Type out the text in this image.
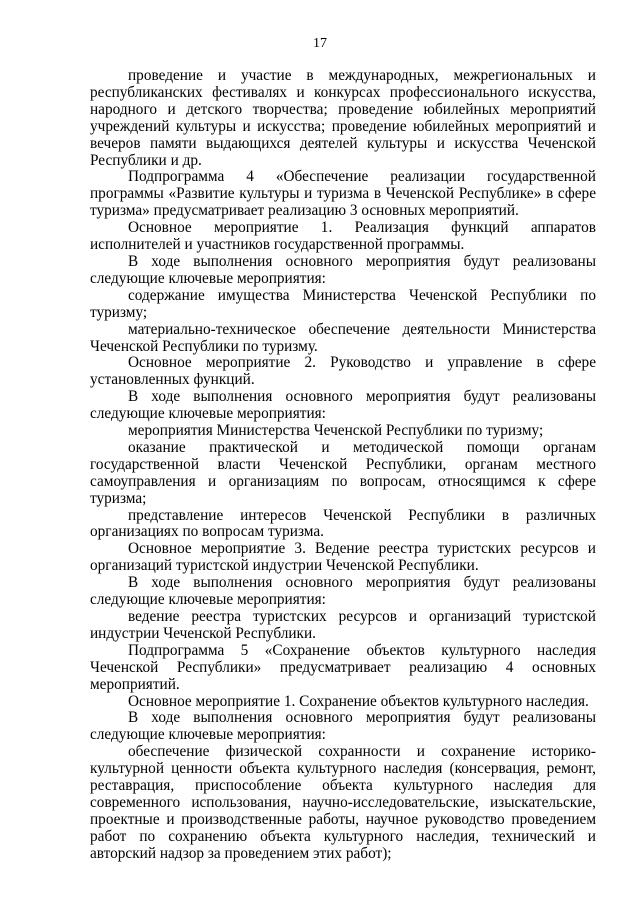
17

проведение и участие в международных, межрегиональных и республиканских фестивалях и конкурсах профессионального искусства, народного и детского творчества; проведение юбилейных мероприятий учреждений культуры и искусства; проведение юбилейных мероприятий и вечеров памяти выдающихся деятелей культуры и искусства Чеченской Республики и др.

Подпрограмма 4 «Обеспечение реализации государственной программы «Развитие культуры и туризма в Чеченской Республике» в сфере туризма» предусматривает реализацию 3 основных мероприятий.

Основное мероприятие 1. Реализация функций аппаратов исполнителей и участников государственной программы.

В ходе выполнения основного мероприятия будут реализованы следующие ключевые мероприятия:

содержание имущества Министерства Чеченской Республики по туризму;

материально-техническое обеспечение деятельности Министерства Чеченской Республики по туризму.

Основное мероприятие 2. Руководство и управление в сфере установленных функций.

В ходе выполнения основного мероприятия будут реализованы следующие ключевые мероприятия:

мероприятия Министерства Чеченской Республики по туризму;

оказание практической и методической помощи органам государственной власти Чеченской Республики, органам местного самоуправления и организациям по вопросам, относящимся к сфере туризма;

представление интересов Чеченской Республики в различных организациях по вопросам туризма.

Основное мероприятие 3. Ведение реестра туристских ресурсов и организаций туристской индустрии Чеченской Республики.

В ходе выполнения основного мероприятия будут реализованы следующие ключевые мероприятия:

ведение реестра туристских ресурсов и организаций туристской индустрии Чеченской Республики.

Подпрограмма 5 «Сохранение объектов культурного наследия Чеченской Республики» предусматривает реализацию 4 основных мероприятий.

Основное мероприятие 1. Сохранение объектов культурного наследия.

В ходе выполнения основного мероприятия будут реализованы следующие ключевые мероприятия:

обеспечение физической сохранности и сохранение историко-культурной ценности объекта культурного наследия (консервация, ремонт, реставрация, приспособление объекта культурного наследия для современного использования, научно-исследовательские, изыскательские, проектные и производственные работы, научное руководство проведением работ по сохранению объекта культурного наследия, технический и авторский надзор за проведением этих работ);
